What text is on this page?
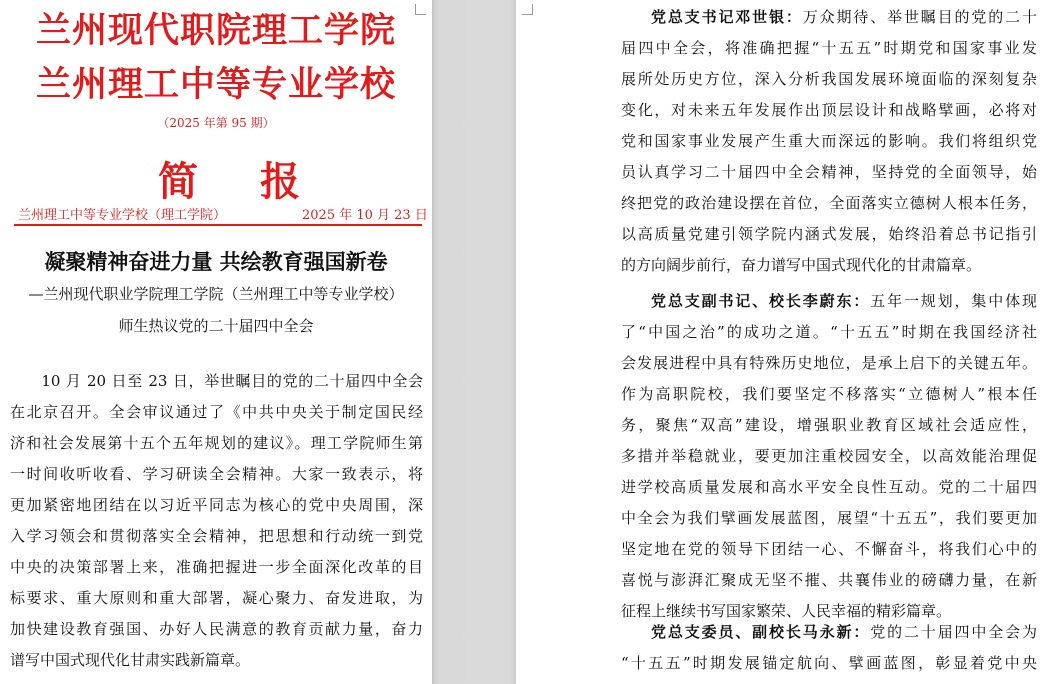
兰州现代职院理工学院
兰州理工中等专业学校
（2025 年第 95 期）
简报
兰州理工中等专业学校（理工学院）	2025 年 10 月 23 日
凝聚精神奋进力量 共绘教育强国新卷
—兰州现代职业学院理工学院（兰州理工中等专业学校）
师生热议党的二十届四中全会
　　10 月 20 日至 23 日，举世瞩目的党的二十届四中全会
在北京召开。全会审议通过了《中共中央关于制定国民经
济和社会发展第十五个五年规划的建议》。理工学院师生第
一时间收听收看、学习研读全会精神。大家一致表示，将
更加紧密地团结在以习近平同志为核心的党中央周围，深
入学习领会和贯彻落实全会精神，把思想和行动统一到党
中央的决策部署上来，准确把握进一步全面深化改革的目
标要求、重大原则和重大部署，凝心聚力、奋发进取，为
加快建设教育强国、办好人民满意的教育贡献力量，奋力
谱写中国式现代化甘肃实践新篇章。
党总支书记邓世银：万众期待、举世瞩目的党的二十
届四中全会，将准确把握“十五五”时期党和国家事业发
展所处历史方位，深入分析我国发展环境面临的深刻复杂
变化，对未来五年发展作出顶层设计和战略擘画，必将对
党和国家事业发展产生重大而深远的影响。我们将组织党
员认真学习二十届四中全会精神，坚持党的全面领导，始
终把党的政治建设摆在首位，全面落实立德树人根本任务，
以高质量党建引领学院内涵式发展，始终沿着总书记指引
的方向阔步前行，奋力谱写中国式现代化的甘肃篇章。
党总支副书记、校长李蔚东：五年一规划，集中体现
了“中国之治”的成功之道。“十五五”时期在我国经济社
会发展进程中具有特殊历史地位，是承上启下的关键五年。
作为高职院校，我们要坚定不移落实“立德树人”根本任
务，聚焦“双高”建设，增强职业教育区域社会适应性，
多措并举稳就业，要更加注重校园安全，以高效能治理促
进学校高质量发展和高水平安全良性互动。党的二十届四
中全会为我们擘画发展蓝图，展望“十五五”，我们要更加
坚定地在党的领导下团结一心、不懈奋斗，将我们心中的
喜悦与澎湃汇聚成无坚不摧、共襄伟业的磅礴力量，在新
征程上继续书写国家繁荣、人民幸福的精彩篇章。
党总支委员、副校长马永新：党的二十届四中全会为
“十五五”时期发展锚定航向、擘画蓝图，彰显着党中央
